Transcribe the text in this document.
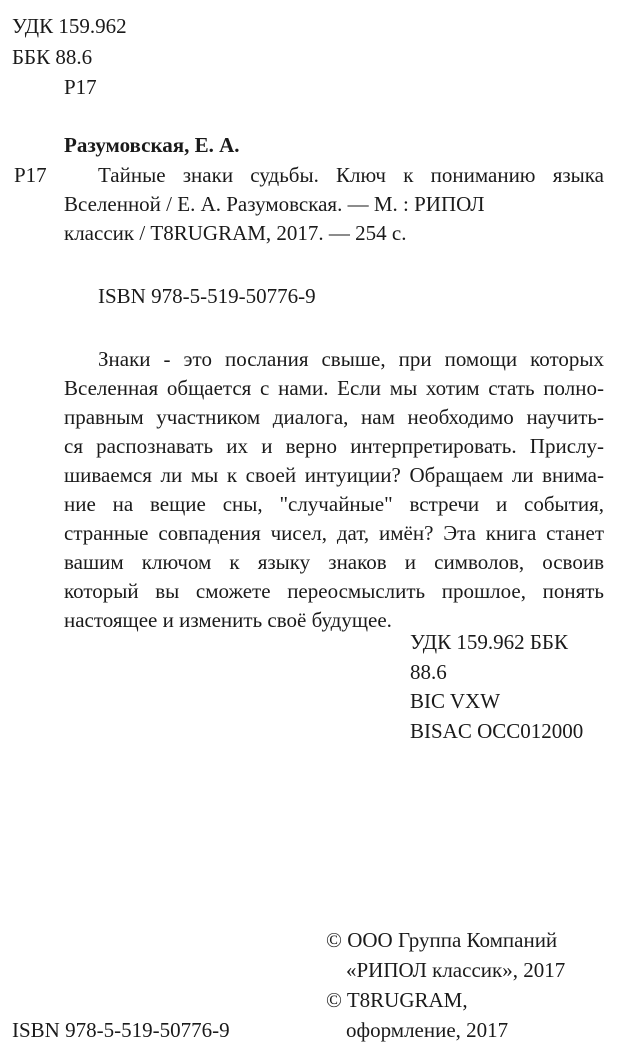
УДК 159.962
ББК 88.6
Р17
Разумовская, Е. А.
Р17	Тайные знаки судьбы. Ключ к пониманию языка
Вселенной / Е. А. Разумовская. — М. : РИПОЛ
классик / T8RUGRAM, 2017. — 254 с.
ISBN 978-5-519-50776-9
Знаки - это послания свыше, при помощи которых
Вселенная общается с нами. Если мы хотим стать полно-
правным участником диалога, нам необходимо научить-
ся распознавать их и верно интерпретировать. Прислу-
шиваемся ли мы к своей интуиции? Обращаем ли внима-
ние на вещие сны, "случайные" встречи и события,
странные совпадения чисел, дат, имён? Эта книга станет
вашим ключом к языку знаков и символов, освоив
который вы сможете переосмыслить прошлое, понять
настоящее и изменить своё будущее.
УДК 159.962 ББК
88.6
BIC VXW
BISAC OCC012000
ISBN 978-5-519-50776-9
© ООО Группа Компаний
«РИПОЛ классик», 2017
© T8RUGRAM,
оформление, 2017
